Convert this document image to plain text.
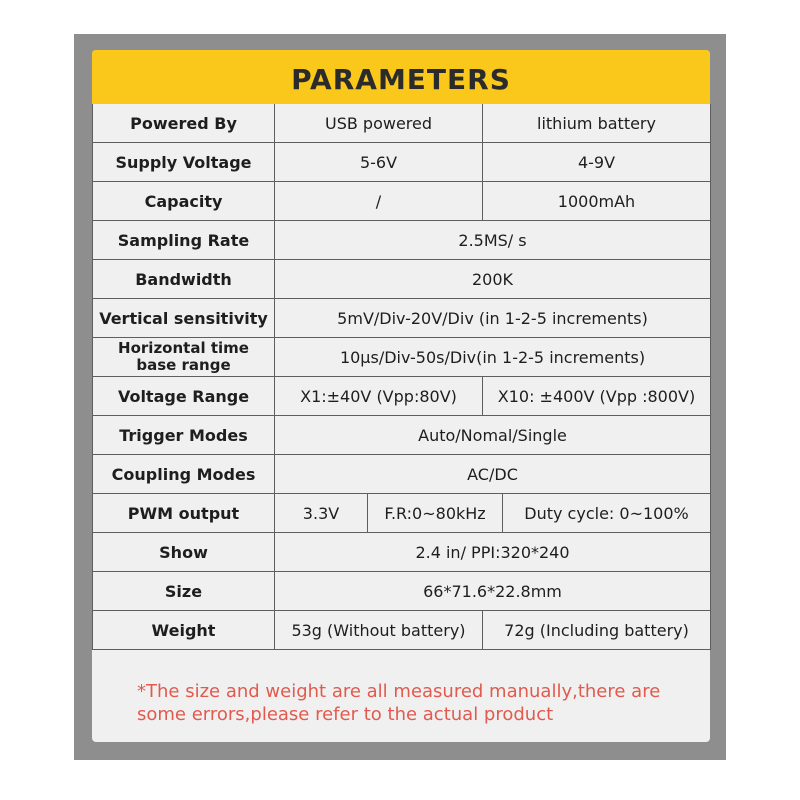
PARAMETERS
Powered By	USB powered		lithium battery	
Supply Voltage	5-6V		4-9V	
Capacity	/		1000mAh	
Sampling Rate	2.5MS/ s			
Bandwidth	200K			
Vertical sensitivity	5mV/Div-20V/Div (in 1-2-5 increments)			

Horizontal time
base range	10μs/Div-50s/Div(in 1-2-5 increments)			
Voltage Range	X1:±40V (Vpp:80V)		X10: ±400V (Vpp :800V)	
Trigger Modes	Auto/Nomal/Single			
Coupling Modes	AC/DC			
PWM output	3.3V	F.R:0~80kHz		Duty cycle: 0~100%
Show	2.4 in/ PPI:320*240			
Size	66*71.6*22.8mm			
Weight	53g (Without battery)		72g (Including battery)	
*The size and weight are all measured manually,there are some errors,please refer to the actual product
